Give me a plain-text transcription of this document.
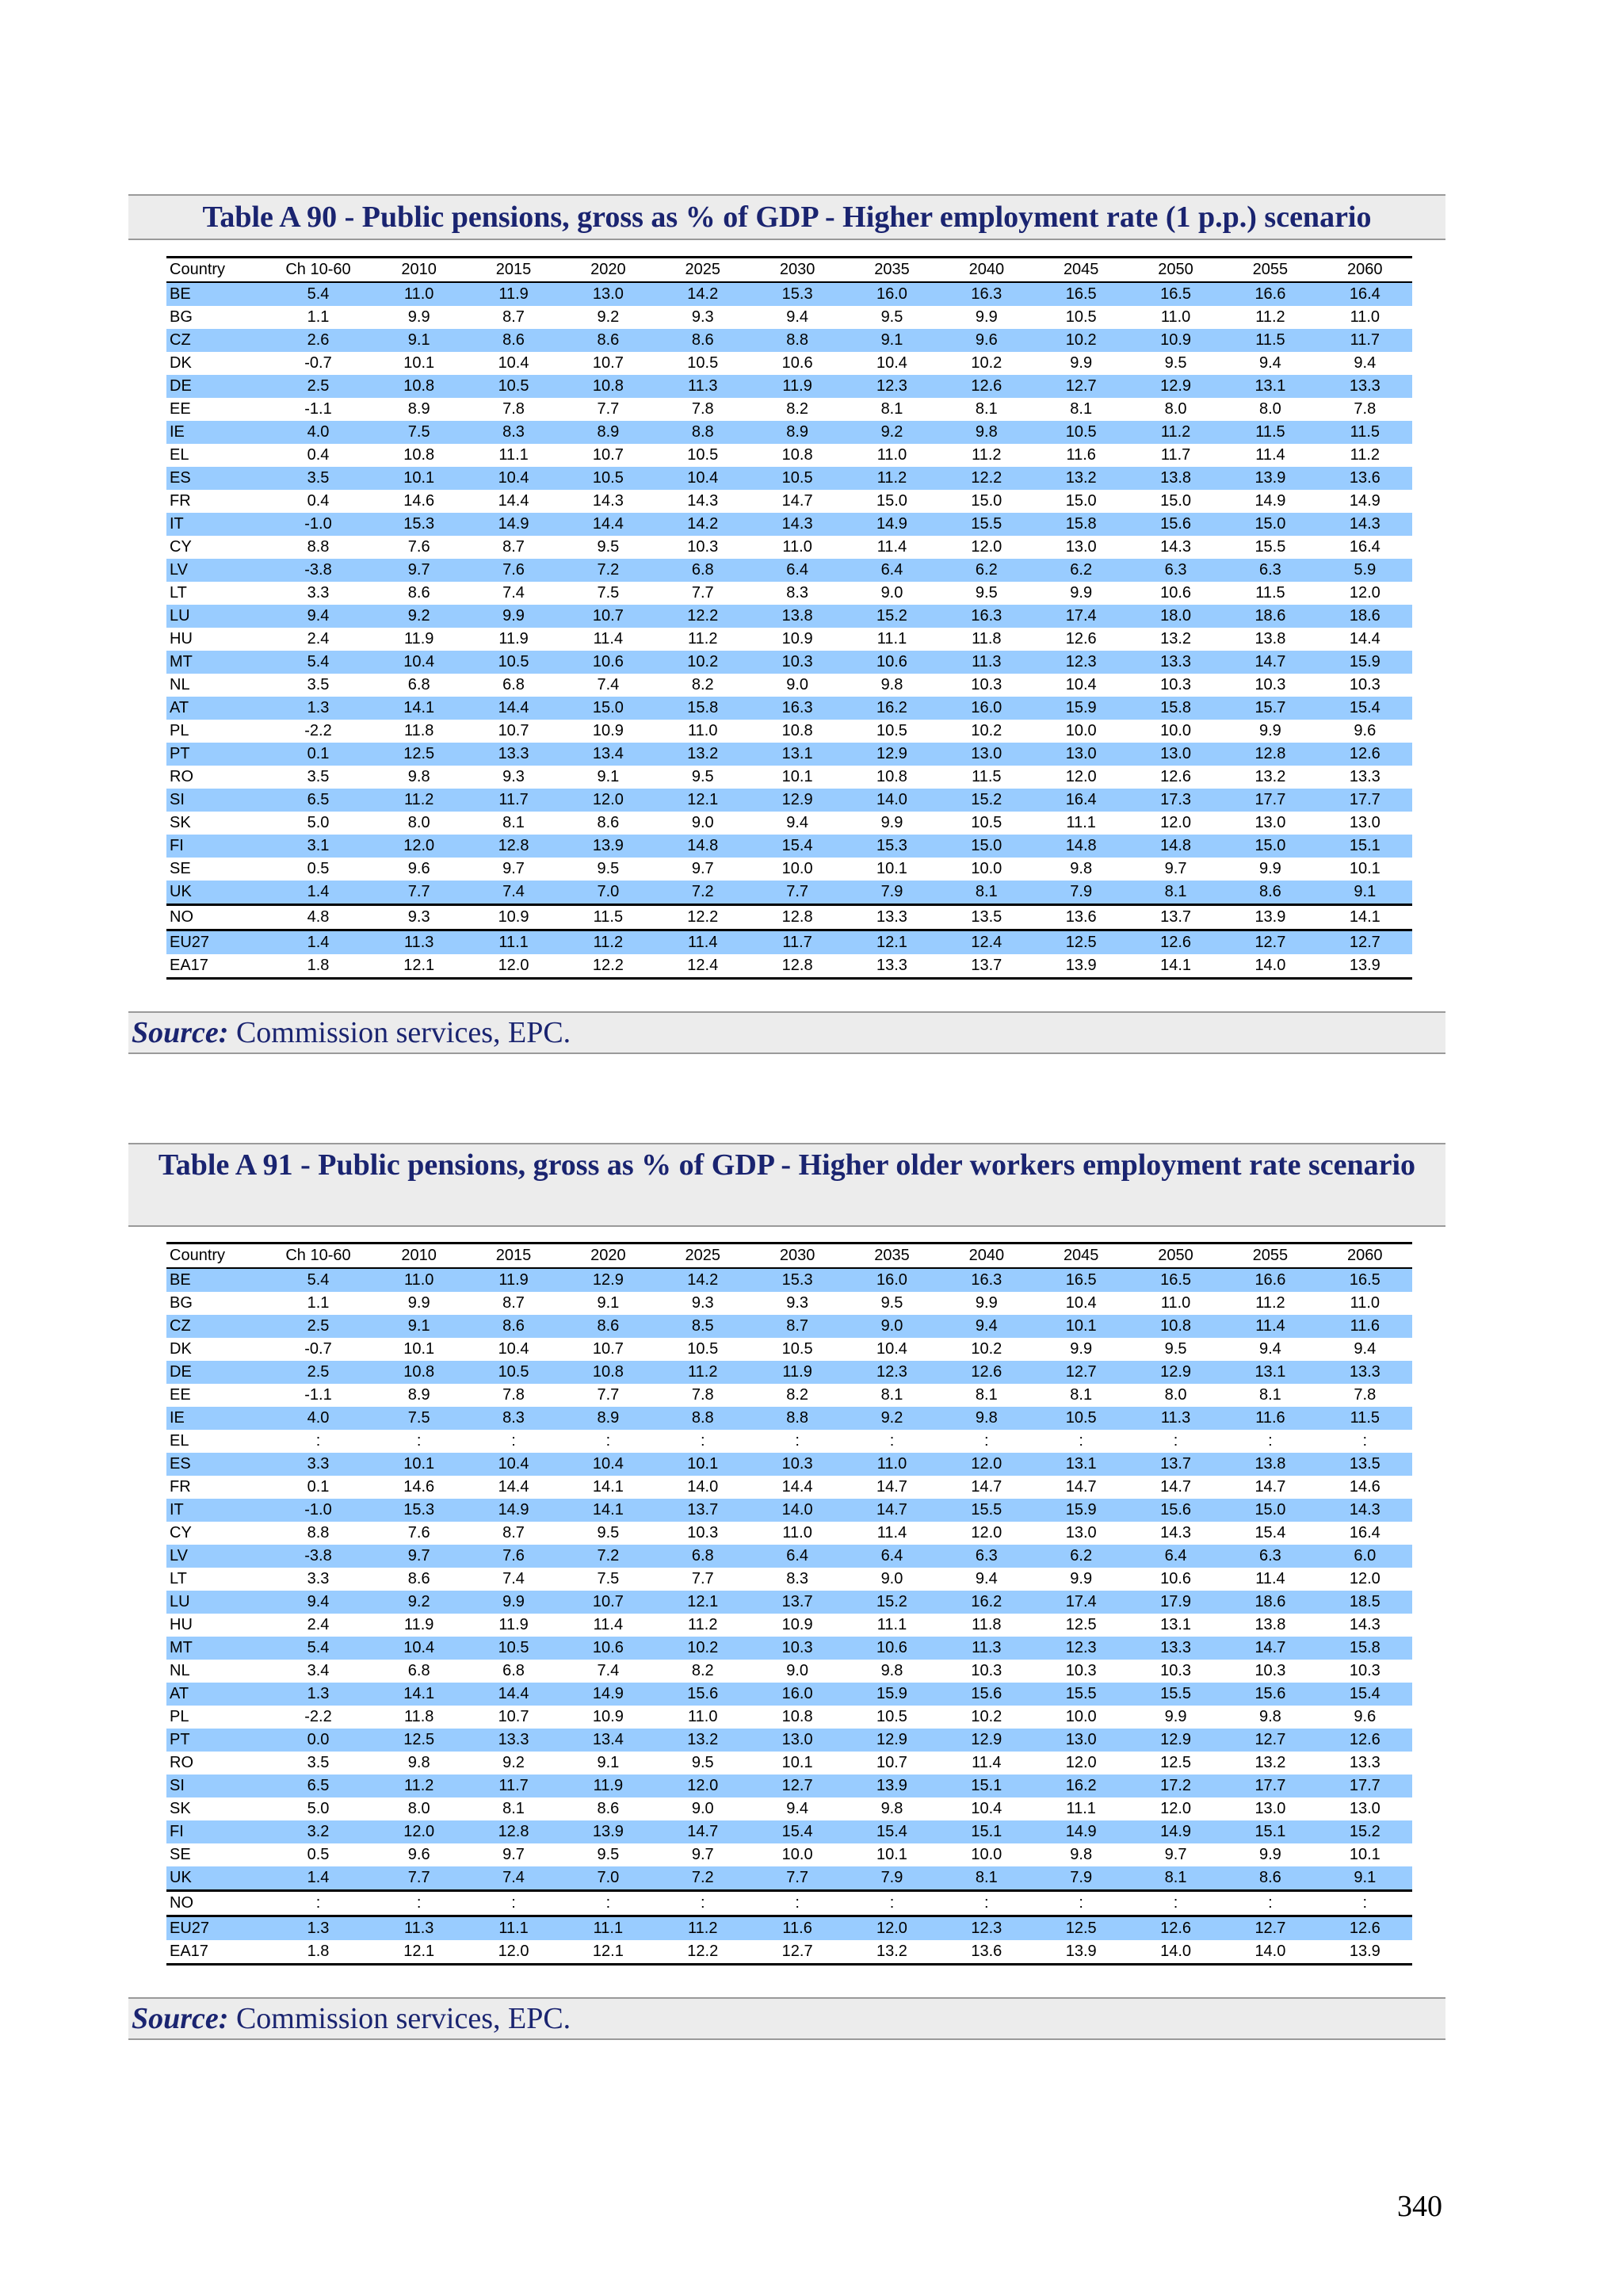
Table A 90 - Public pensions, gross as % of GDP - Higher employment rate (1 p.p.) scenario
Country	Ch 10-60	2010	2015	2020	2025	2030	2035	2040	2045	2050	2055	2060
BE	5.4	11.0	11.9	13.0	14.2	15.3	16.0	16.3	16.5	16.5	16.6	16.4
BG	1.1	9.9	8.7	9.2	9.3	9.4	9.5	9.9	10.5	11.0	11.2	11.0
CZ	2.6	9.1	8.6	8.6	8.6	8.8	9.1	9.6	10.2	10.9	11.5	11.7
DK	-0.7	10.1	10.4	10.7	10.5	10.6	10.4	10.2	9.9	9.5	9.4	9.4
DE	2.5	10.8	10.5	10.8	11.3	11.9	12.3	12.6	12.7	12.9	13.1	13.3
EE	-1.1	8.9	7.8	7.7	7.8	8.2	8.1	8.1	8.1	8.0	8.0	7.8
IE	4.0	7.5	8.3	8.9	8.8	8.9	9.2	9.8	10.5	11.2	11.5	11.5
EL	0.4	10.8	11.1	10.7	10.5	10.8	11.0	11.2	11.6	11.7	11.4	11.2
ES	3.5	10.1	10.4	10.5	10.4	10.5	11.2	12.2	13.2	13.8	13.9	13.6
FR	0.4	14.6	14.4	14.3	14.3	14.7	15.0	15.0	15.0	15.0	14.9	14.9
IT	-1.0	15.3	14.9	14.4	14.2	14.3	14.9	15.5	15.8	15.6	15.0	14.3
CY	8.8	7.6	8.7	9.5	10.3	11.0	11.4	12.0	13.0	14.3	15.5	16.4
LV	-3.8	9.7	7.6	7.2	6.8	6.4	6.4	6.2	6.2	6.3	6.3	5.9
LT	3.3	8.6	7.4	7.5	7.7	8.3	9.0	9.5	9.9	10.6	11.5	12.0
LU	9.4	9.2	9.9	10.7	12.2	13.8	15.2	16.3	17.4	18.0	18.6	18.6
HU	2.4	11.9	11.9	11.4	11.2	10.9	11.1	11.8	12.6	13.2	13.8	14.4
MT	5.4	10.4	10.5	10.6	10.2	10.3	10.6	11.3	12.3	13.3	14.7	15.9
NL	3.5	6.8	6.8	7.4	8.2	9.0	9.8	10.3	10.4	10.3	10.3	10.3
AT	1.3	14.1	14.4	15.0	15.8	16.3	16.2	16.0	15.9	15.8	15.7	15.4
PL	-2.2	11.8	10.7	10.9	11.0	10.8	10.5	10.2	10.0	10.0	9.9	9.6
PT	0.1	12.5	13.3	13.4	13.2	13.1	12.9	13.0	13.0	13.0	12.8	12.6
RO	3.5	9.8	9.3	9.1	9.5	10.1	10.8	11.5	12.0	12.6	13.2	13.3
SI	6.5	11.2	11.7	12.0	12.1	12.9	14.0	15.2	16.4	17.3	17.7	17.7
SK	5.0	8.0	8.1	8.6	9.0	9.4	9.9	10.5	11.1	12.0	13.0	13.0
FI	3.1	12.0	12.8	13.9	14.8	15.4	15.3	15.0	14.8	14.8	15.0	15.1
SE	0.5	9.6	9.7	9.5	9.7	10.0	10.1	10.0	9.8	9.7	9.9	10.1
UK	1.4	7.7	7.4	7.0	7.2	7.7	7.9	8.1	7.9	8.1	8.6	9.1
NO	4.8	9.3	10.9	11.5	12.2	12.8	13.3	13.5	13.6	13.7	13.9	14.1
EU27	1.4	11.3	11.1	11.2	11.4	11.7	12.1	12.4	12.5	12.6	12.7	12.7
EA17	1.8	12.1	12.0	12.2	12.4	12.8	13.3	13.7	13.9	14.1	14.0	13.9
Source: Commission services, EPC.
Table A 91 - Public pensions, gross as % of GDP - Higher older workers employment rate scenario
Country	Ch 10-60	2010	2015	2020	2025	2030	2035	2040	2045	2050	2055	2060
BE	5.4	11.0	11.9	12.9	14.2	15.3	16.0	16.3	16.5	16.5	16.6	16.5
BG	1.1	9.9	8.7	9.1	9.3	9.3	9.5	9.9	10.4	11.0	11.2	11.0
CZ	2.5	9.1	8.6	8.6	8.5	8.7	9.0	9.4	10.1	10.8	11.4	11.6
DK	-0.7	10.1	10.4	10.7	10.5	10.5	10.4	10.2	9.9	9.5	9.4	9.4
DE	2.5	10.8	10.5	10.8	11.2	11.9	12.3	12.6	12.7	12.9	13.1	13.3
EE	-1.1	8.9	7.8	7.7	7.8	8.2	8.1	8.1	8.1	8.0	8.1	7.8
IE	4.0	7.5	8.3	8.9	8.8	8.8	9.2	9.8	10.5	11.3	11.6	11.5
EL	:	:	:	:	:	:	:	:	:	:	:	:
ES	3.3	10.1	10.4	10.4	10.1	10.3	11.0	12.0	13.1	13.7	13.8	13.5
FR	0.1	14.6	14.4	14.1	14.0	14.4	14.7	14.7	14.7	14.7	14.7	14.6
IT	-1.0	15.3	14.9	14.1	13.7	14.0	14.7	15.5	15.9	15.6	15.0	14.3
CY	8.8	7.6	8.7	9.5	10.3	11.0	11.4	12.0	13.0	14.3	15.4	16.4
LV	-3.8	9.7	7.6	7.2	6.8	6.4	6.4	6.3	6.2	6.4	6.3	6.0
LT	3.3	8.6	7.4	7.5	7.7	8.3	9.0	9.4	9.9	10.6	11.4	12.0
LU	9.4	9.2	9.9	10.7	12.1	13.7	15.2	16.2	17.4	17.9	18.6	18.5
HU	2.4	11.9	11.9	11.4	11.2	10.9	11.1	11.8	12.5	13.1	13.8	14.3
MT	5.4	10.4	10.5	10.6	10.2	10.3	10.6	11.3	12.3	13.3	14.7	15.8
NL	3.4	6.8	6.8	7.4	8.2	9.0	9.8	10.3	10.3	10.3	10.3	10.3
AT	1.3	14.1	14.4	14.9	15.6	16.0	15.9	15.6	15.5	15.5	15.6	15.4
PL	-2.2	11.8	10.7	10.9	11.0	10.8	10.5	10.2	10.0	9.9	9.8	9.6
PT	0.0	12.5	13.3	13.4	13.2	13.0	12.9	12.9	13.0	12.9	12.7	12.6
RO	3.5	9.8	9.2	9.1	9.5	10.1	10.7	11.4	12.0	12.5	13.2	13.3
SI	6.5	11.2	11.7	11.9	12.0	12.7	13.9	15.1	16.2	17.2	17.7	17.7
SK	5.0	8.0	8.1	8.6	9.0	9.4	9.8	10.4	11.1	12.0	13.0	13.0
FI	3.2	12.0	12.8	13.9	14.7	15.4	15.4	15.1	14.9	14.9	15.1	15.2
SE	0.5	9.6	9.7	9.5	9.7	10.0	10.1	10.0	9.8	9.7	9.9	10.1
UK	1.4	7.7	7.4	7.0	7.2	7.7	7.9	8.1	7.9	8.1	8.6	9.1
NO	:	:	:	:	:	:	:	:	:	:	:	:
EU27	1.3	11.3	11.1	11.1	11.2	11.6	12.0	12.3	12.5	12.6	12.7	12.6
EA17	1.8	12.1	12.0	12.1	12.2	12.7	13.2	13.6	13.9	14.0	14.0	13.9
Source: Commission services, EPC.
340
